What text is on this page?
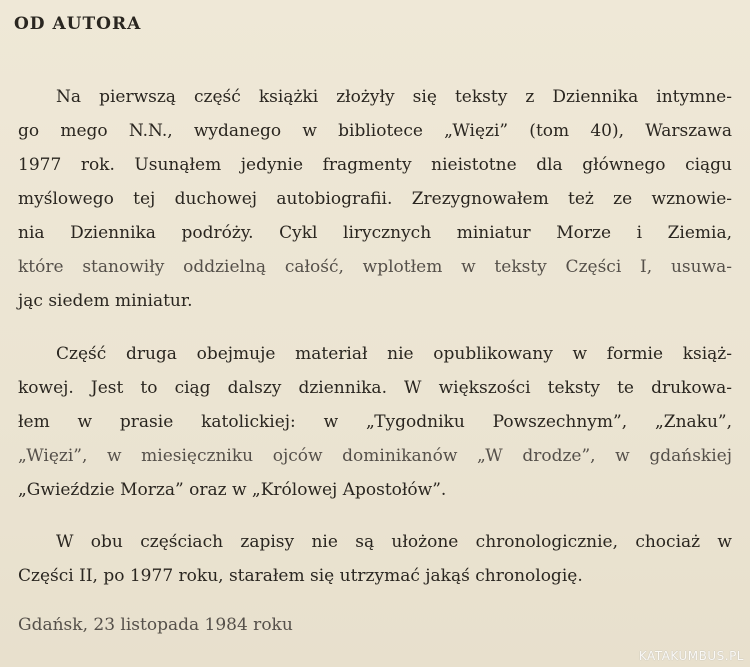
OD AUTORA
Na pierwszą część książki złożyły się teksty z Dziennika intymne-
go mego N.N., wydanego w bibliotece „Więzi” (tom 40), Warszawa
1977 rok. Usunąłem jedynie fragmenty nieistotne dla głównego ciągu
myślowego tej duchowej autobiografii. Zrezygnowałem też ze wznowie-
nia Dziennika podróży. Cykl lirycznych miniatur Morze i Ziemia,
które stanowiły oddzielną całość, wplotłem w teksty Części I, usuwa-
jąc siedem miniatur.
Część druga obejmuje materiał nie opublikowany w formie książ-
kowej. Jest to ciąg dalszy dziennika. W większości teksty te drukowa-
łem w prasie katolickiej: w „Tygodniku Powszechnym”, „Znaku”,
„Więzi”, w miesięczniku ojców dominikanów „W drodze”, w gdańskiej
„Gwieździe Morza” oraz w „Królowej Apostołów”.
W obu częściach zapisy nie są ułożone chronologicznie, chociaż w
Części II, po 1977 roku, starałem się utrzymać jakąś chronologię.
Gdańsk, 23 listopada 1984 roku
KATAKUMBUS.PL
